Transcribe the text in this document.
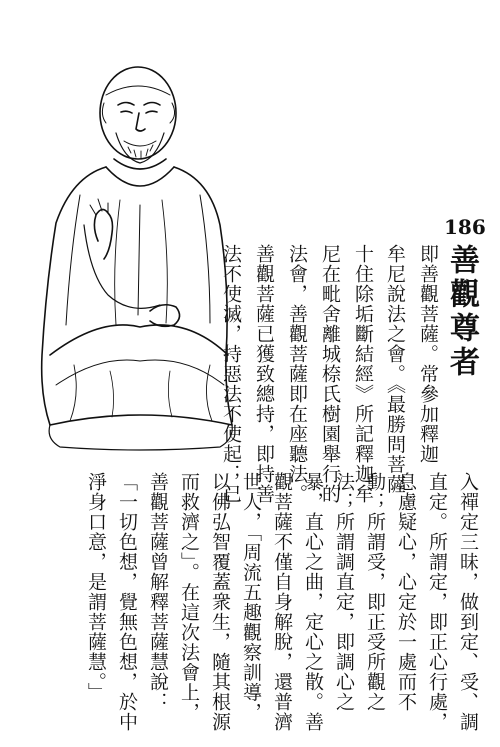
186
善觀尊者
即善觀菩薩。常參加釋迦
牟尼說法之會。《最勝問菩薩
十住除垢斷結經》所記釋迦牟
尼在毗舍離城㮈氏樹園舉行的
法會，善觀菩薩即在座聽法。
善觀菩薩已獲致總持，即持善
法不使滅，持惡法不使起；已
入禪定三昧，做到定、受、調
直定。所謂定，即正心行處，
息慮疑心，心定於一處而不
動；所謂受，即正受所觀之
法；所謂調直定，即調心之
暴，直心之曲，定心之散。善
觀菩薩不僅自身解脫，還普濟
世人，「周流五趣觀察訓導，
以佛弘智覆蓋衆生，隨其根源
而救濟之」。在這次法會上，
善觀菩薩曾解釋菩薩慧說：
「一切色想，覺無色想，於中
淨身口意，是謂菩薩慧。」
